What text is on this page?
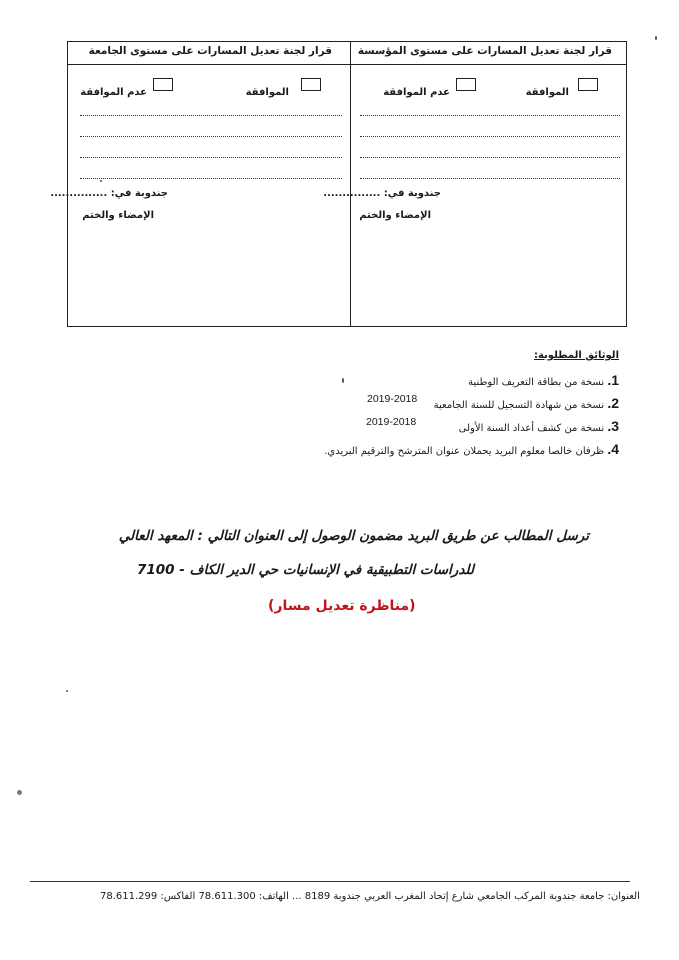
قرار لجنة تعديل المسارات على مستوى المؤسسة
قرار لجنة تعديل المسارات على مستوى الجامعة
الموافقة
عدم الموافقة
جندوبة في: ...............
الإمضاء والختم
الموافقة
عدم الموافقة
جندوبة في: ...............
الإمضاء والختم
الوثائق المطلوبة:
1. نسخة من بطاقة التعريف الوطنية
2. نسخة من شهادة التسجيل للسنة الجامعية
2019-2018
3. نسخة من كشف أعداد السنة الأولى
2019-2018
4. ظرفان خالصا معلوم البريد يحملان عنوان المترشح والترقيم البريدي.
ترسل المطالب عن طريق البريد مضمون الوصول إلى العنوان التالي : المعهد العالي
للدراسات التطبيقية في الإنسانيات حي الدير الكاف - 7100
(مناظرة تعديل مسار)
العنوان: جامعة جندوبة المركب الجامعي شارع إتحاد المغرب العربي جندوبة 8189 ... الهاتف: 78.611.300 الفاكس: 78.611.299
